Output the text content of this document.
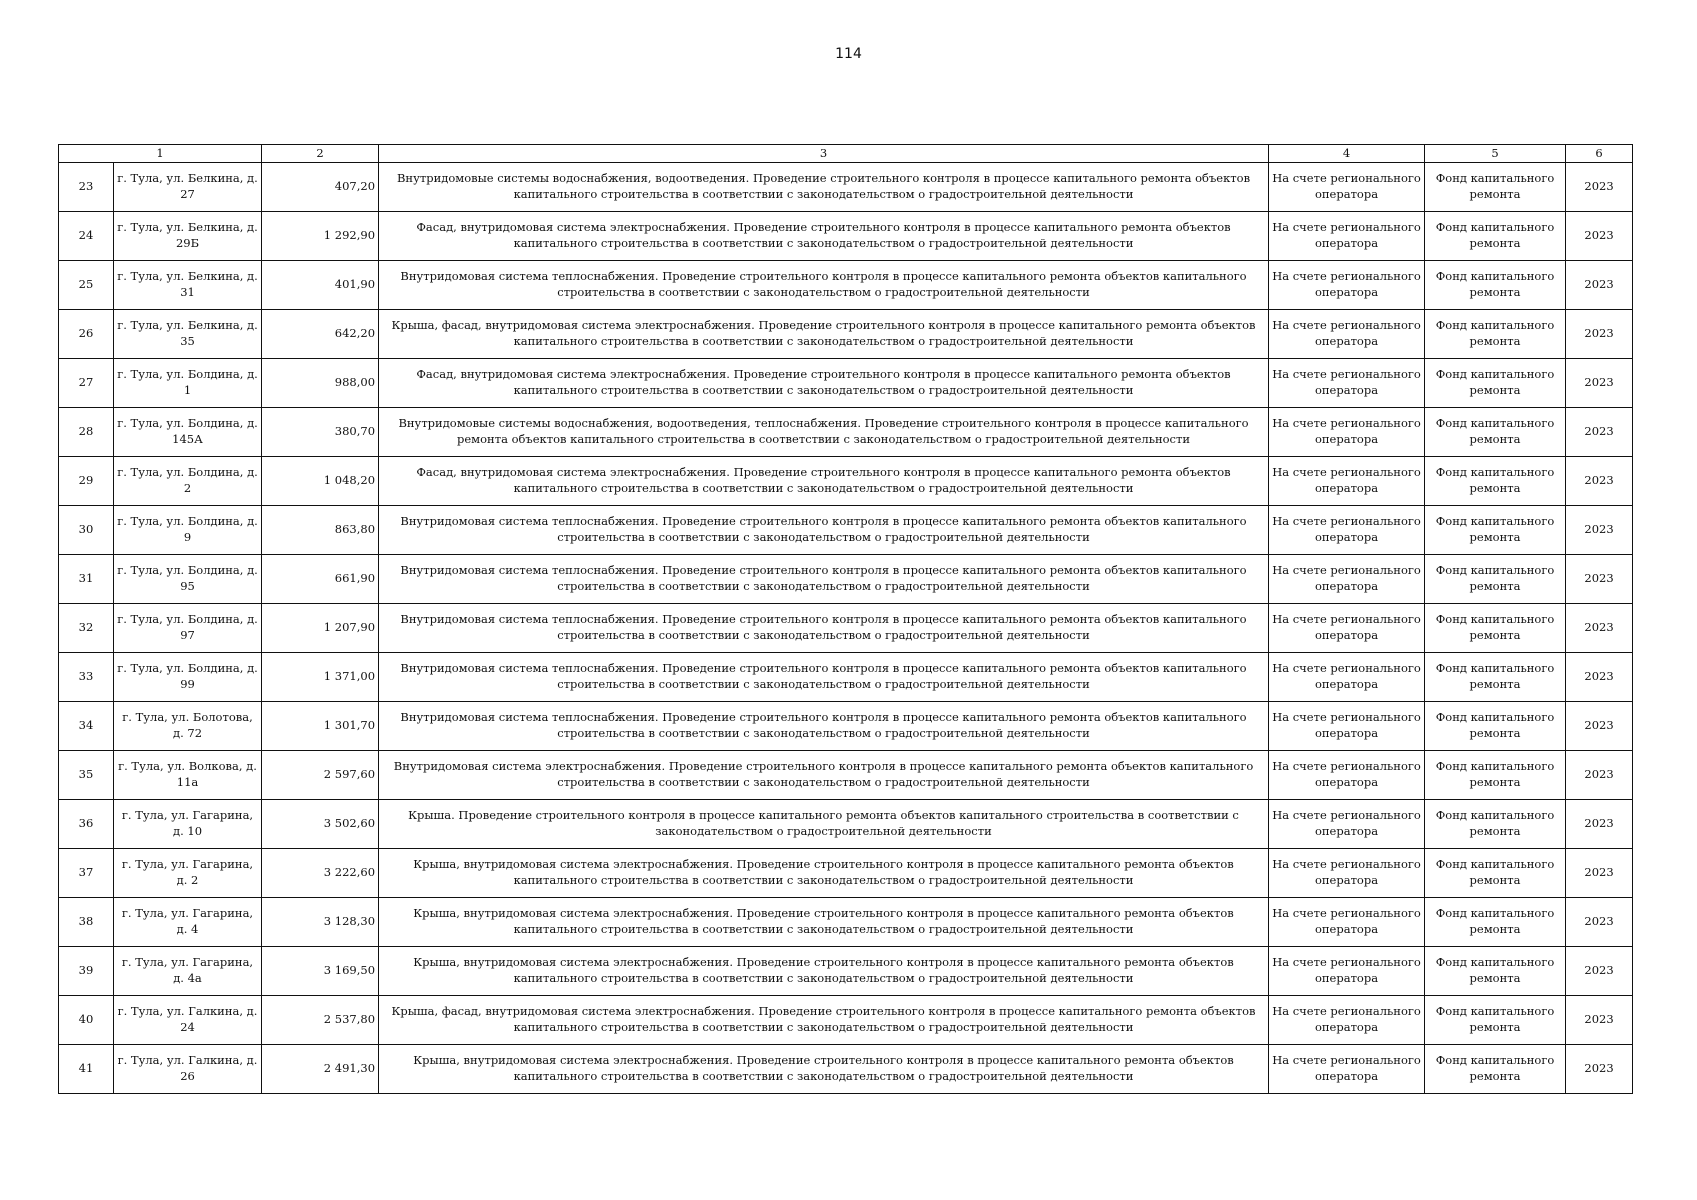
114
1		2	3	4	5	6
23	г. Тула, ул. Белкина, д. 27	407,20	Внутридомовые системы водоснабжения, водоотведения. Проведение строительного контроля в процессе капитального ремонта объектов капитального строительства в соответствии с законодательством о градостроительной деятельности	На счете регионального оператора	Фонд капитального ремонта	2023
24	г. Тула, ул. Белкина, д. 29Б	1 292,90	Фасад, внутридомовая система электроснабжения. Проведение строительного контроля в процессе капитального ремонта объектов капитального строительства в соответствии с законодательством о градостроительной деятельности	На счете регионального оператора	Фонд капитального ремонта	2023
25	г. Тула, ул. Белкина, д. 31	401,90	Внутридомовая система теплоснабжения. Проведение строительного контроля в процессе капитального ремонта объектов капитального строительства в соответствии с законодательством о градостроительной деятельности	На счете регионального оператора	Фонд капитального ремонта	2023
26	г. Тула, ул. Белкина, д. 35	642,20	Крыша, фасад, внутридомовая система электроснабжения. Проведение строительного контроля в процессе капитального ремонта объектов капитального строительства в соответствии с законодательством о градостроительной деятельности	На счете регионального оператора	Фонд капитального ремонта	2023
27	г. Тула, ул. Болдина, д. 1	988,00	Фасад, внутридомовая система электроснабжения. Проведение строительного контроля в процессе капитального ремонта объектов капитального строительства в соответствии с законодательством о градостроительной деятельности	На счете регионального оператора	Фонд капитального ремонта	2023
28	г. Тула, ул. Болдина, д. 145А	380,70	Внутридомовые системы водоснабжения, водоотведения, теплоснабжения. Проведение строительного контроля в процессе капитального ремонта объектов капитального строительства в соответствии с законодательством о градостроительной деятельности	На счете регионального оператора	Фонд капитального ремонта	2023
29	г. Тула, ул. Болдина, д. 2	1 048,20	Фасад, внутридомовая система электроснабжения. Проведение строительного контроля в процессе капитального ремонта объектов капитального строительства в соответствии с законодательством о градостроительной деятельности	На счете регионального оператора	Фонд капитального ремонта	2023
30	г. Тула, ул. Болдина, д. 9	863,80	Внутридомовая система теплоснабжения. Проведение строительного контроля в процессе капитального ремонта объектов капитального строительства в соответствии с законодательством о градостроительной деятельности	На счете регионального оператора	Фонд капитального ремонта	2023
31	г. Тула, ул. Болдина, д. 95	661,90	Внутридомовая система теплоснабжения. Проведение строительного контроля в процессе капитального ремонта объектов капитального строительства в соответствии с законодательством о градостроительной деятельности	На счете регионального оператора	Фонд капитального ремонта	2023
32	г. Тула, ул. Болдина, д. 97	1 207,90	Внутридомовая система теплоснабжения. Проведение строительного контроля в процессе капитального ремонта объектов капитального строительства в соответствии с законодательством о градостроительной деятельности	На счете регионального оператора	Фонд капитального ремонта	2023
33	г. Тула, ул. Болдина, д. 99	1 371,00	Внутридомовая система теплоснабжения. Проведение строительного контроля в процессе капитального ремонта объектов капитального строительства в соответствии с законодательством о градостроительной деятельности	На счете регионального оператора	Фонд капитального ремонта	2023
34	г. Тула, ул. Болотова, д. 72	1 301,70	Внутридомовая система теплоснабжения. Проведение строительного контроля в процессе капитального ремонта объектов капитального строительства в соответствии с законодательством о градостроительной деятельности	На счете регионального оператора	Фонд капитального ремонта	2023
35	г. Тула, ул. Волкова, д. 11а	2 597,60	Внутридомовая система электроснабжения. Проведение строительного контроля в процессе капитального ремонта объектов капитального строительства в соответствии с законодательством о градостроительной деятельности	На счете регионального оператора	Фонд капитального ремонта	2023
36	г. Тула, ул. Гагарина, д. 10	3 502,60	Крыша. Проведение строительного контроля в процессе капитального ремонта объектов капитального строительства в соответствии с законодательством о градостроительной деятельности	На счете регионального оператора	Фонд капитального ремонта	2023
37	г. Тула, ул. Гагарина, д. 2	3 222,60	Крыша, внутридомовая система электроснабжения. Проведение строительного контроля в процессе капитального ремонта объектов капитального строительства в соответствии с законодательством о градостроительной деятельности	На счете регионального оператора	Фонд капитального ремонта	2023
38	г. Тула, ул. Гагарина, д. 4	3 128,30	Крыша, внутридомовая система электроснабжения. Проведение строительного контроля в процессе капитального ремонта объектов капитального строительства в соответствии с законодательством о градостроительной деятельности	На счете регионального оператора	Фонд капитального ремонта	2023
39	г. Тула, ул. Гагарина, д. 4а	3 169,50	Крыша, внутридомовая система электроснабжения. Проведение строительного контроля в процессе капитального ремонта объектов капитального строительства в соответствии с законодательством о градостроительной деятельности	На счете регионального оператора	Фонд капитального ремонта	2023
40	г. Тула, ул. Галкина, д. 24	2 537,80	Крыша, фасад, внутридомовая система электроснабжения. Проведение строительного контроля в процессе капитального ремонта объектов капитального строительства в соответствии с законодательством о градостроительной деятельности	На счете регионального оператора	Фонд капитального ремонта	2023
41	г. Тула, ул. Галкина, д. 26	2 491,30	Крыша, внутридомовая система электроснабжения. Проведение строительного контроля в процессе капитального ремонта объектов капитального строительства в соответствии с законодательством о градостроительной деятельности	На счете регионального оператора	Фонд капитального ремонта	2023
